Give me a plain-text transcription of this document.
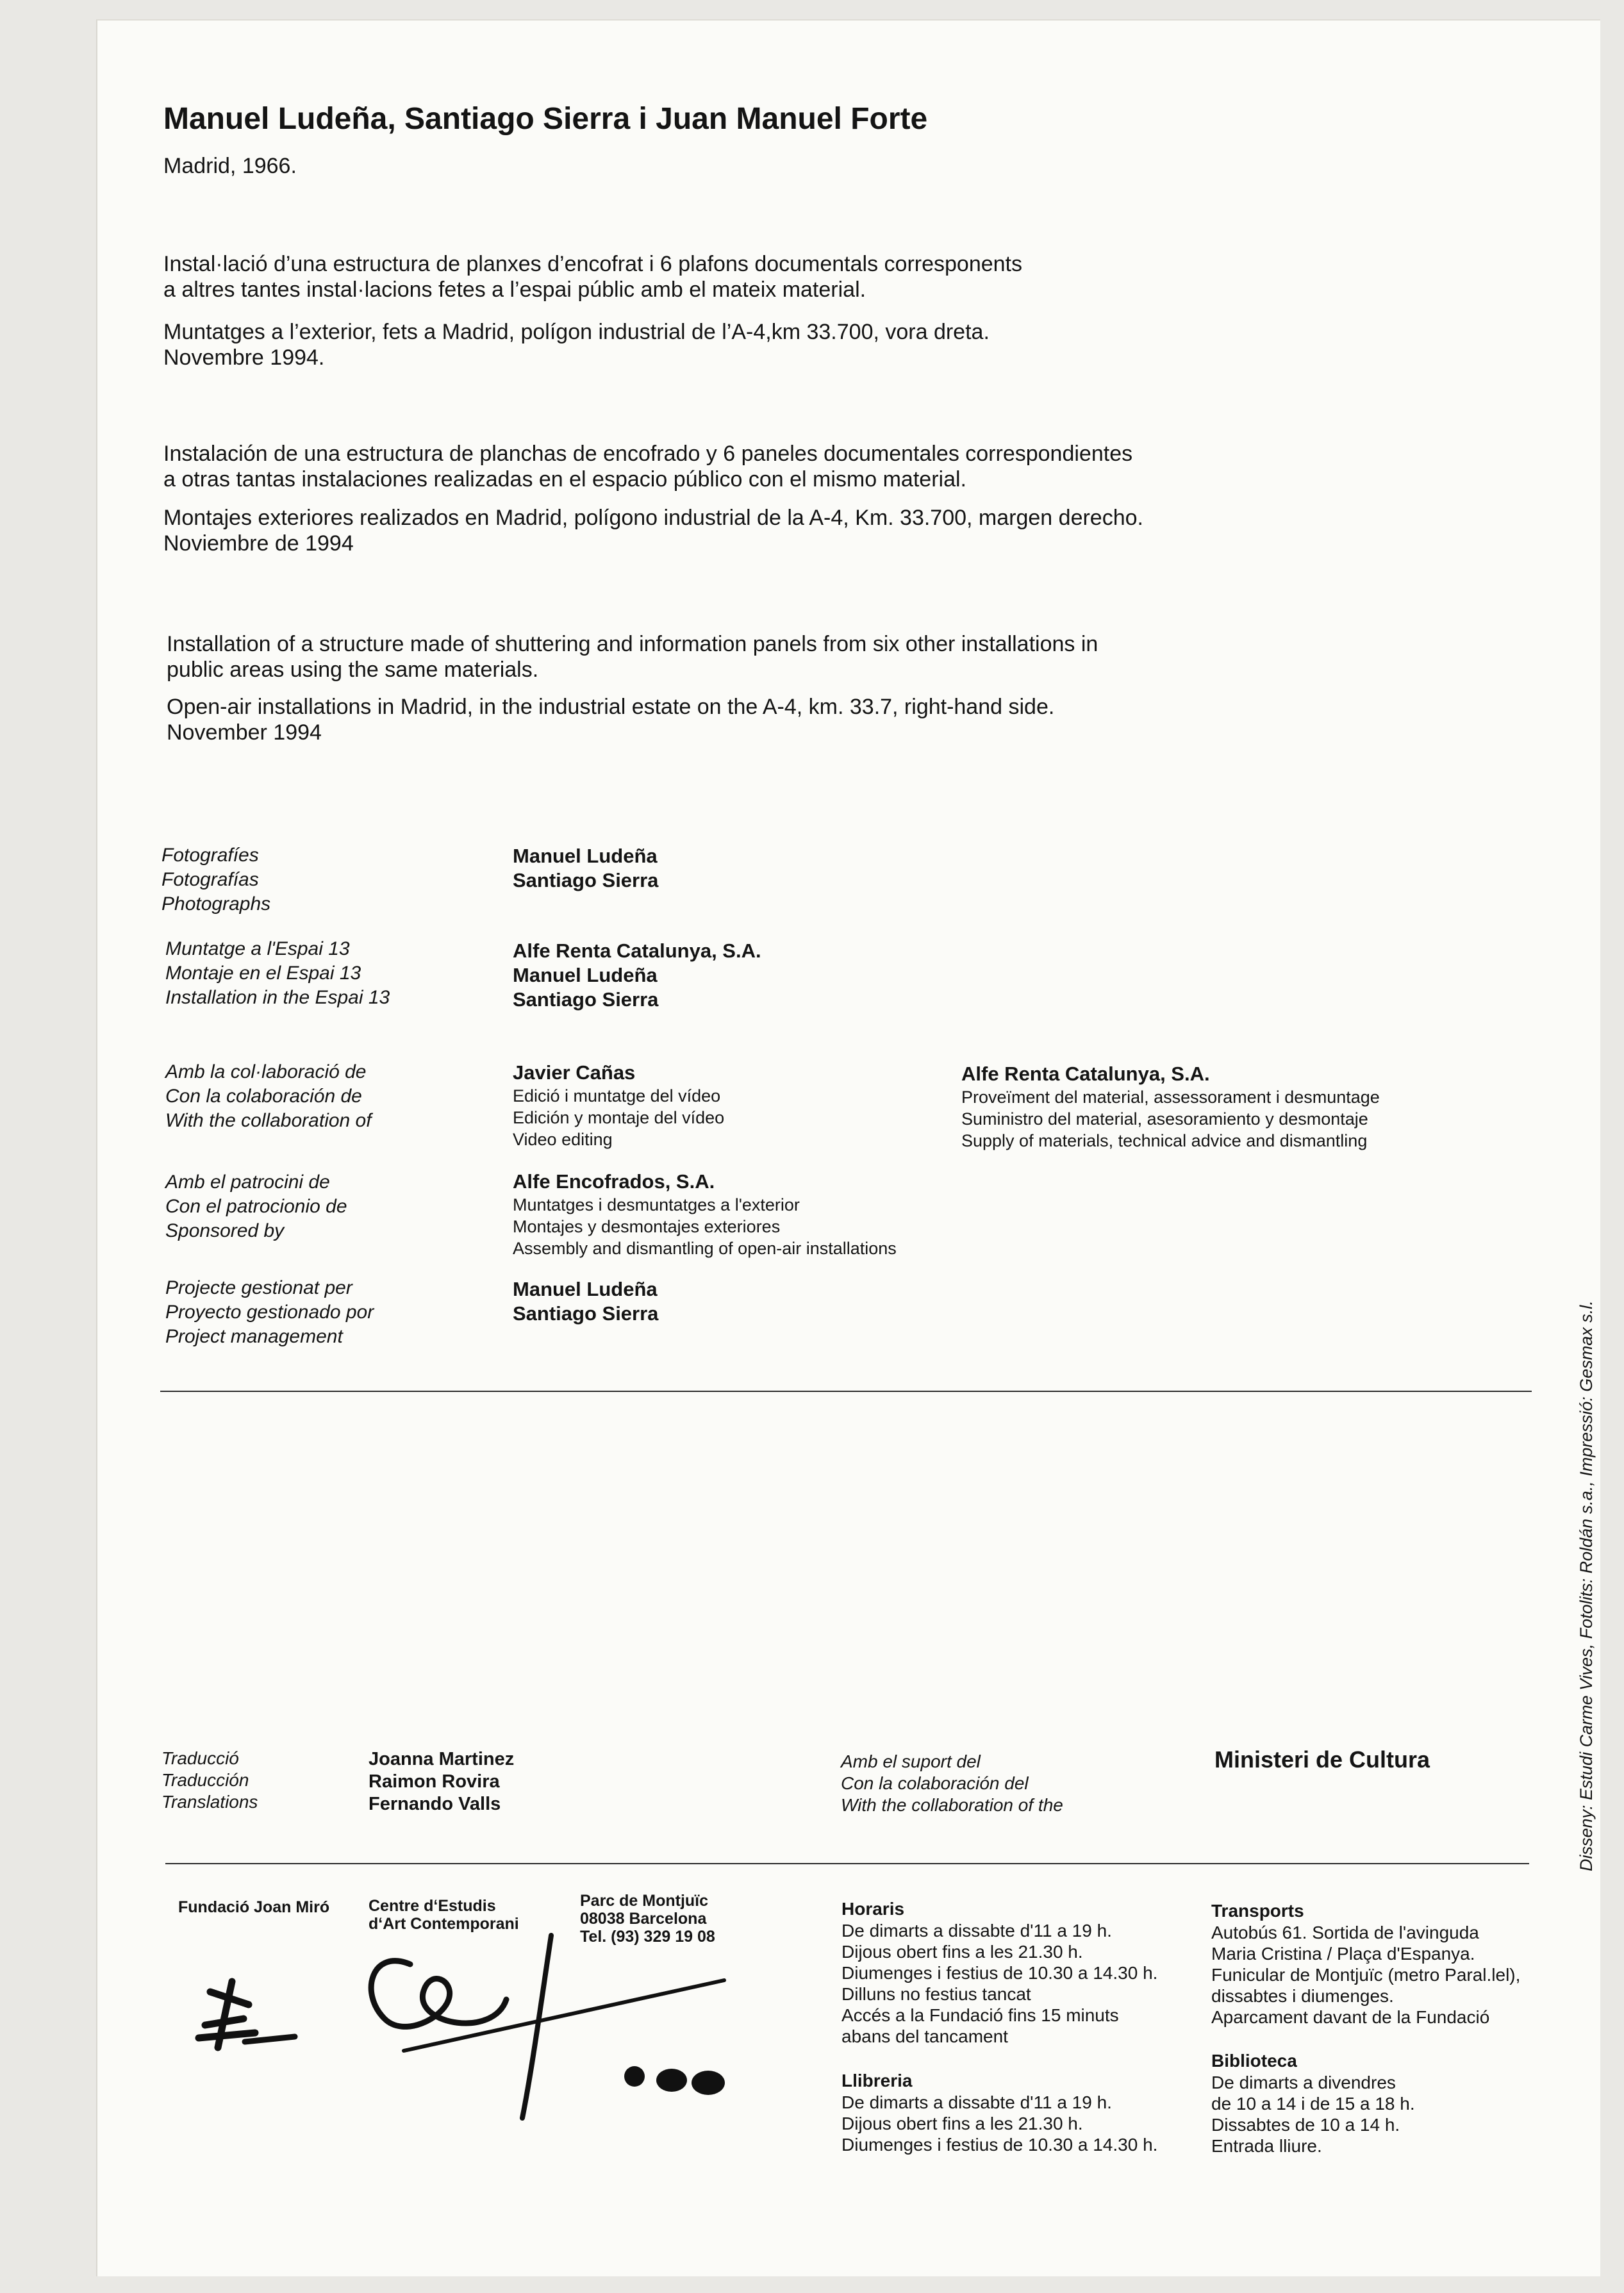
Manuel Ludeña, Santiago Sierra i Juan Manuel Forte
Madrid, 1966.
Instal·lació d’una estructura de planxes d’encofrat i 6 plafons documentals corresponents
a altres tantes instal·lacions fetes a l’espai públic amb el mateix material.
Muntatges a l’exterior, fets a Madrid, polígon industrial de l’A-4,km 33.700, vora dreta.
Novembre 1994.
Instalación de una estructura de planchas de encofrado y 6 paneles documentales correspondientes
a otras tantas instalaciones realizadas en el espacio público con el mismo material.
Montajes exteriores realizados en Madrid, polígono industrial de la A-4, Km. 33.700, margen derecho.
Noviembre de 1994
Installation of a structure made of shuttering and information panels from six other installations in
public areas using the same materials.
Open-air installations in Madrid, in the industrial estate on the A-4, km. 33.7, right-hand side.
November 1994
Fotografíes
Fotografías
Photographs
Manuel Ludeña
Santiago Sierra
Muntatge a l'Espai 13
Montaje en el Espai 13
Installation in the Espai 13
Alfe Renta Catalunya, S.A.
Manuel Ludeña
Santiago Sierra
Amb la col·laboració de
Con la colaboración de
With the collaboration of
Javier Cañas
Edició i muntatge del vídeo
Edición y montaje del vídeo
Video editing
Alfe Renta Catalunya, S.A.
Proveïment del material, assessorament i desmuntage
Suministro del material, asesoramiento y desmontaje
Supply of materials, technical advice and dismantling
Amb el patrocini de
Con el patrocionio de
Sponsored by
Alfe Encofrados, S.A.
Muntatges i desmuntatges a l'exterior
Montajes y desmontajes exteriores
Assembly and dismantling of open-air installations
Projecte gestionat per
Proyecto gestionado por
Project management
Manuel Ludeña
Santiago Sierra
Traducció
Traducción
Translations
Joanna Martinez
Raimon Rovira
Fernando Valls
Amb el suport del
Con la colaboración del
With the collaboration of the
Ministeri de Cultura
Fundació Joan Miró Centre d‘Estudis
d‘Art Contemporani
Parc de Montjuïc
08038 Barcelona
Tel. (93) 329 19 08
Horaris
De dimarts a dissabte d'11 a 19 h.
Dijous obert fins a les 21.30 h.
Diumenges i festius de 10.30 a 14.30 h.
Dilluns no festius tancat
Accés a la Fundació fins 15 minuts
abans del tancament
Llibreria
De dimarts a dissabte d'11 a 19 h.
Dijous obert fins a les 21.30 h.
Diumenges i festius de 10.30 a 14.30 h.
Transports
Autobús 61. Sortida de l'avinguda
Maria Cristina / Plaça d'Espanya.
Funicular de Montjuïc (metro Paral.lel),
dissabtes i diumenges.
Aparcament davant de la Fundació
Biblioteca
De dimarts a divendres
de 10 a 14 i de 15 a 18 h.
Dissabtes de 10 a 14 h.
Entrada lliure.
Disseny: Estudi Carme Vives, Fotolits: Roldán s.a., Impressió: Gesmax s.l.
